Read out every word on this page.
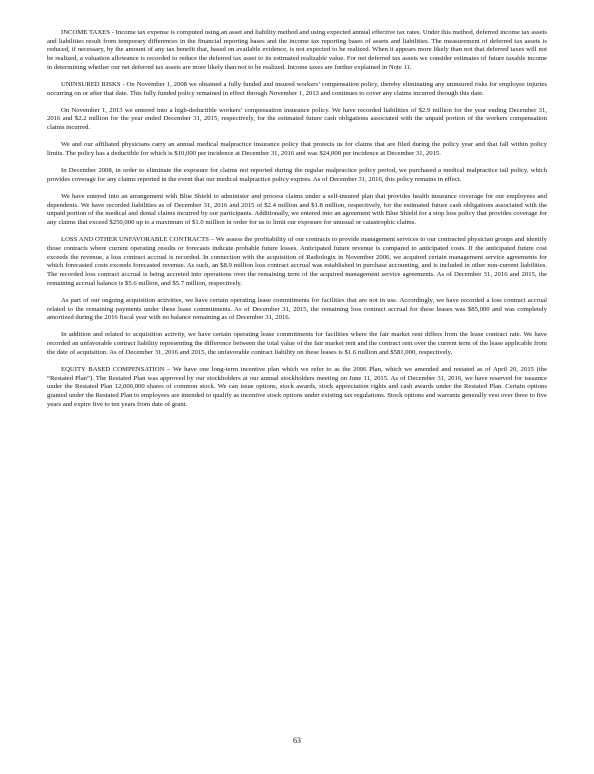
INCOME TAXES - Income tax expense is computed using an asset and liability method and using expected annual effective tax rates. Under this method, deferred income tax assets and liabilities result from temporary differences in the financial reporting bases and the income tax reporting bases of assets and liabilities. The measurement of deferred tax assets is reduced, if necessary, by the amount of any tax benefit that, based on available evidence, is not expected to be realized. When it appears more likely than not that deferred taxes will not be realized, a valuation allowance is recorded to reduce the deferred tax asset to its estimated realizable value. For net deferred tax assets we consider estimates of future taxable income in determining whether our net deferred tax assets are more likely than not to be realized. Income taxes are further explained in Note 11.

UNINSURED RISKS - On November 1, 2008 we obtained a fully funded and insured workers’ compensation policy, thereby eliminating any uninsured risks for employee injuries occurring on or after that date. This fully funded policy remained in effect through November 1, 2013 and continues to cover any claims incurred through this date.

On November 1, 2013 we entered into a high-deductible workers’ compensation insurance policy. We have recorded liabilities of $2.9 million for the year ending December 31, 2016 and $2.2 million for the year ended December 31, 2015, respectively, for the estimated future cash obligations associated with the unpaid portion of the workers compensation claims incurred.

We and our affiliated physicians carry an annual medical malpractice insurance policy that protects us for claims that are filed during the policy year and that fall within policy limits. The policy has a deductible for which is $10,000 per incidence at December 31, 2016 and was $24,000 per incidence at December 31, 2015.

In December 2008, in order to eliminate the exposure for claims not reported during the regular malpractice policy period, we purchased a medical malpractice tail policy, which provides coverage for any claims reported in the event that our medical malpractice policy expires. As of December 31, 2016, this policy remains in effect.

We have entered into an arrangement with Blue Shield to administer and process claims under a self-insured plan that provides health insurance coverage for our employees and dependents. We have recorded liabilities as of December 31, 2016 and 2015 of $2.4 million and $1.8 million, respectively, for the estimated future cash obligations associated with the unpaid portion of the medical and dental claims incurred by our participants. Additionally, we entered into an agreement with Blue Shield for a stop loss policy that provides coverage for any claims that exceed $250,000 up to a maximum of $1.0 million in order for us to limit our exposure for unusual or catastrophic claims.

LOSS AND OTHER UNFAVORABLE CONTRACTS – We assess the profitability of our contracts to provide management services to our contracted physician groups and identify those contracts where current operating results or forecasts indicate probable future losses. Anticipated future revenue is compared to anticipated costs. If the anticipated future cost exceeds the revenue, a loss contract accrual is recorded. In connection with the acquisition of Radiologix in November 2006, we acquired certain management service agreements for which forecasted costs exceeds forecasted revenue. As such, an $8.9 million loss contract accrual was established in purchase accounting, and is included in other non-current liabilities. The recorded loss contract accrual is being accreted into operations over the remaining term of the acquired management service agreements. As of December 31, 2016 and 2015, the remaining accrual balance is $5.6 million, and $5.7 million, respectively.

As part of our ongoing acquisition activities, we have certain operating lease commitments for facilities that are not in use. Accordingly, we have recorded a loss contract accrual related to the remaining payments under these lease commitments. As of December 31, 2015, the remaining loss contract accrual for these leases was $85,000 and was completely amortized during the 2016 fiscal year with no balance remaining as of December 31, 2016.

In addition and related to acquisition activity, we have certain operating lease commitments for facilities where the fair market rent differs from the lease contract rate. We have recorded an unfavorable contract liability representing the difference between the total value of the fair market rent and the contract rent over the current term of the lease applicable from the date of acquisition. As of December 31, 2016 and 2015, the unfavorable contract liability on these leases is $1.6 million and $581,000, respectively.

EQUITY BASED COMPENSATION – We have one long-term incentive plan which we refer to as the 2006 Plan, which we amended and restated as of April 20, 2015 (the “Restated Plan”). The Restated Plan was approved by our stockholders at our annual stockholders meeting on June 11, 2015. As of December 31, 2016, we have reserved for issuance under the Restated Plan 12,000,000 shares of common stock. We can issue options, stock awards, stock appreciation rights and cash awards under the Restated Plan. Certain options granted under the Restated Plan to employees are intended to qualify as incentive stock options under existing tax regulations. Stock options and warrants generally vest over three to five years and expire five to ten years from date of grant.

63
